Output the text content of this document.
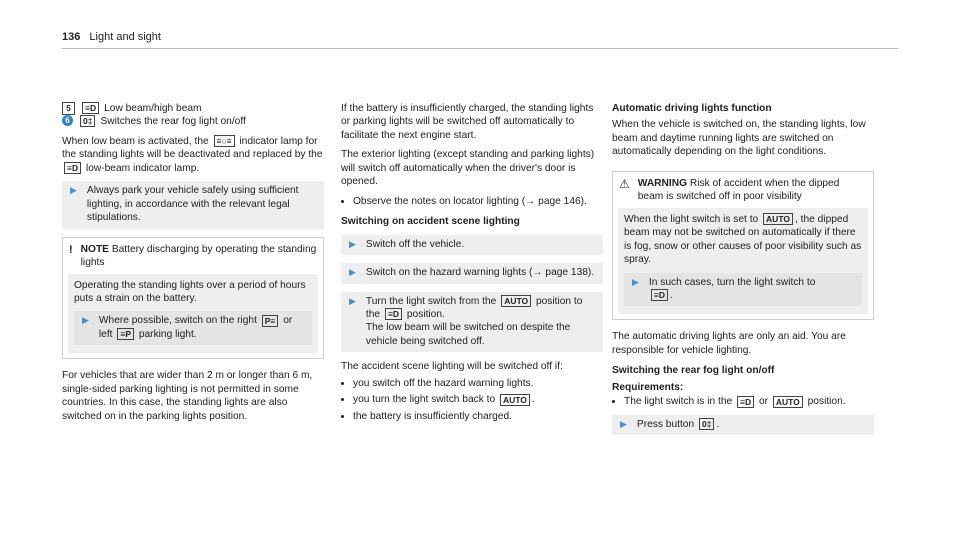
136 Light and sight
5	≡D Low beam/high beam
6	0‡ Switches the rear fog light on/off

When low beam is activated, the ≡○≡ indicator lamp for the standing lights will be deactivated and replaced by the ≡D low-beam indicator lamp.

▶ Always park your vehicle safely using sufficient lighting, in accordance with the relevant legal stipulations.
! NOTE Battery discharging by operating the standing lights

Operating the standing lights over a period of hours puts a strain on the battery.

▶ Where possible, switch on the right P≡ or left ≡P parking light.

For vehicles that are wider than 2 m or longer than 6 m, single-sided parking lighting is not permitted in some countries. In this case, the standing lights are also switched on in the parking lights position.

If the battery is insufficiently charged, the standing lights or parking lights will be switched off automatically to facilitate the next engine start.

The exterior lighting (except standing and parking lights) will switch off automatically when the driver's door is opened.

• Observe the notes on locator lighting (→ page 146).
Switching on accident scene lighting
▶ Switch off the vehicle.
▶ Switch on the hazard warning lights (→ page 138).
▶ Turn the light switch from the AUTO position to the ≡D position.
The low beam will be switched on despite the vehicle being switched off.

The accident scene lighting will be switched off if:

• you switch off the hazard warning lights.
• you turn the light switch back to AUTO .
• the battery is insufficiently charged.
Automatic driving lights function

When the vehicle is switched on, the standing lights, low beam and daytime running lights are switched on automatically depending on the light conditions.

⚠ WARNING Risk of accident when the dipped beam is switched off in poor visibility

When the light switch is set to AUTO , the dipped beam may not be switched on automatically if there is fog, snow or other causes of poor visibility such as spray.

▶ In such cases, turn the light switch to
≡D .

The automatic driving lights are only an aid. You are responsible for vehicle lighting.

Switching the rear fog light on/off
Requirements:
• The light switch is in the ≡D or AUTO position.
▶ Press button 0‡ .
